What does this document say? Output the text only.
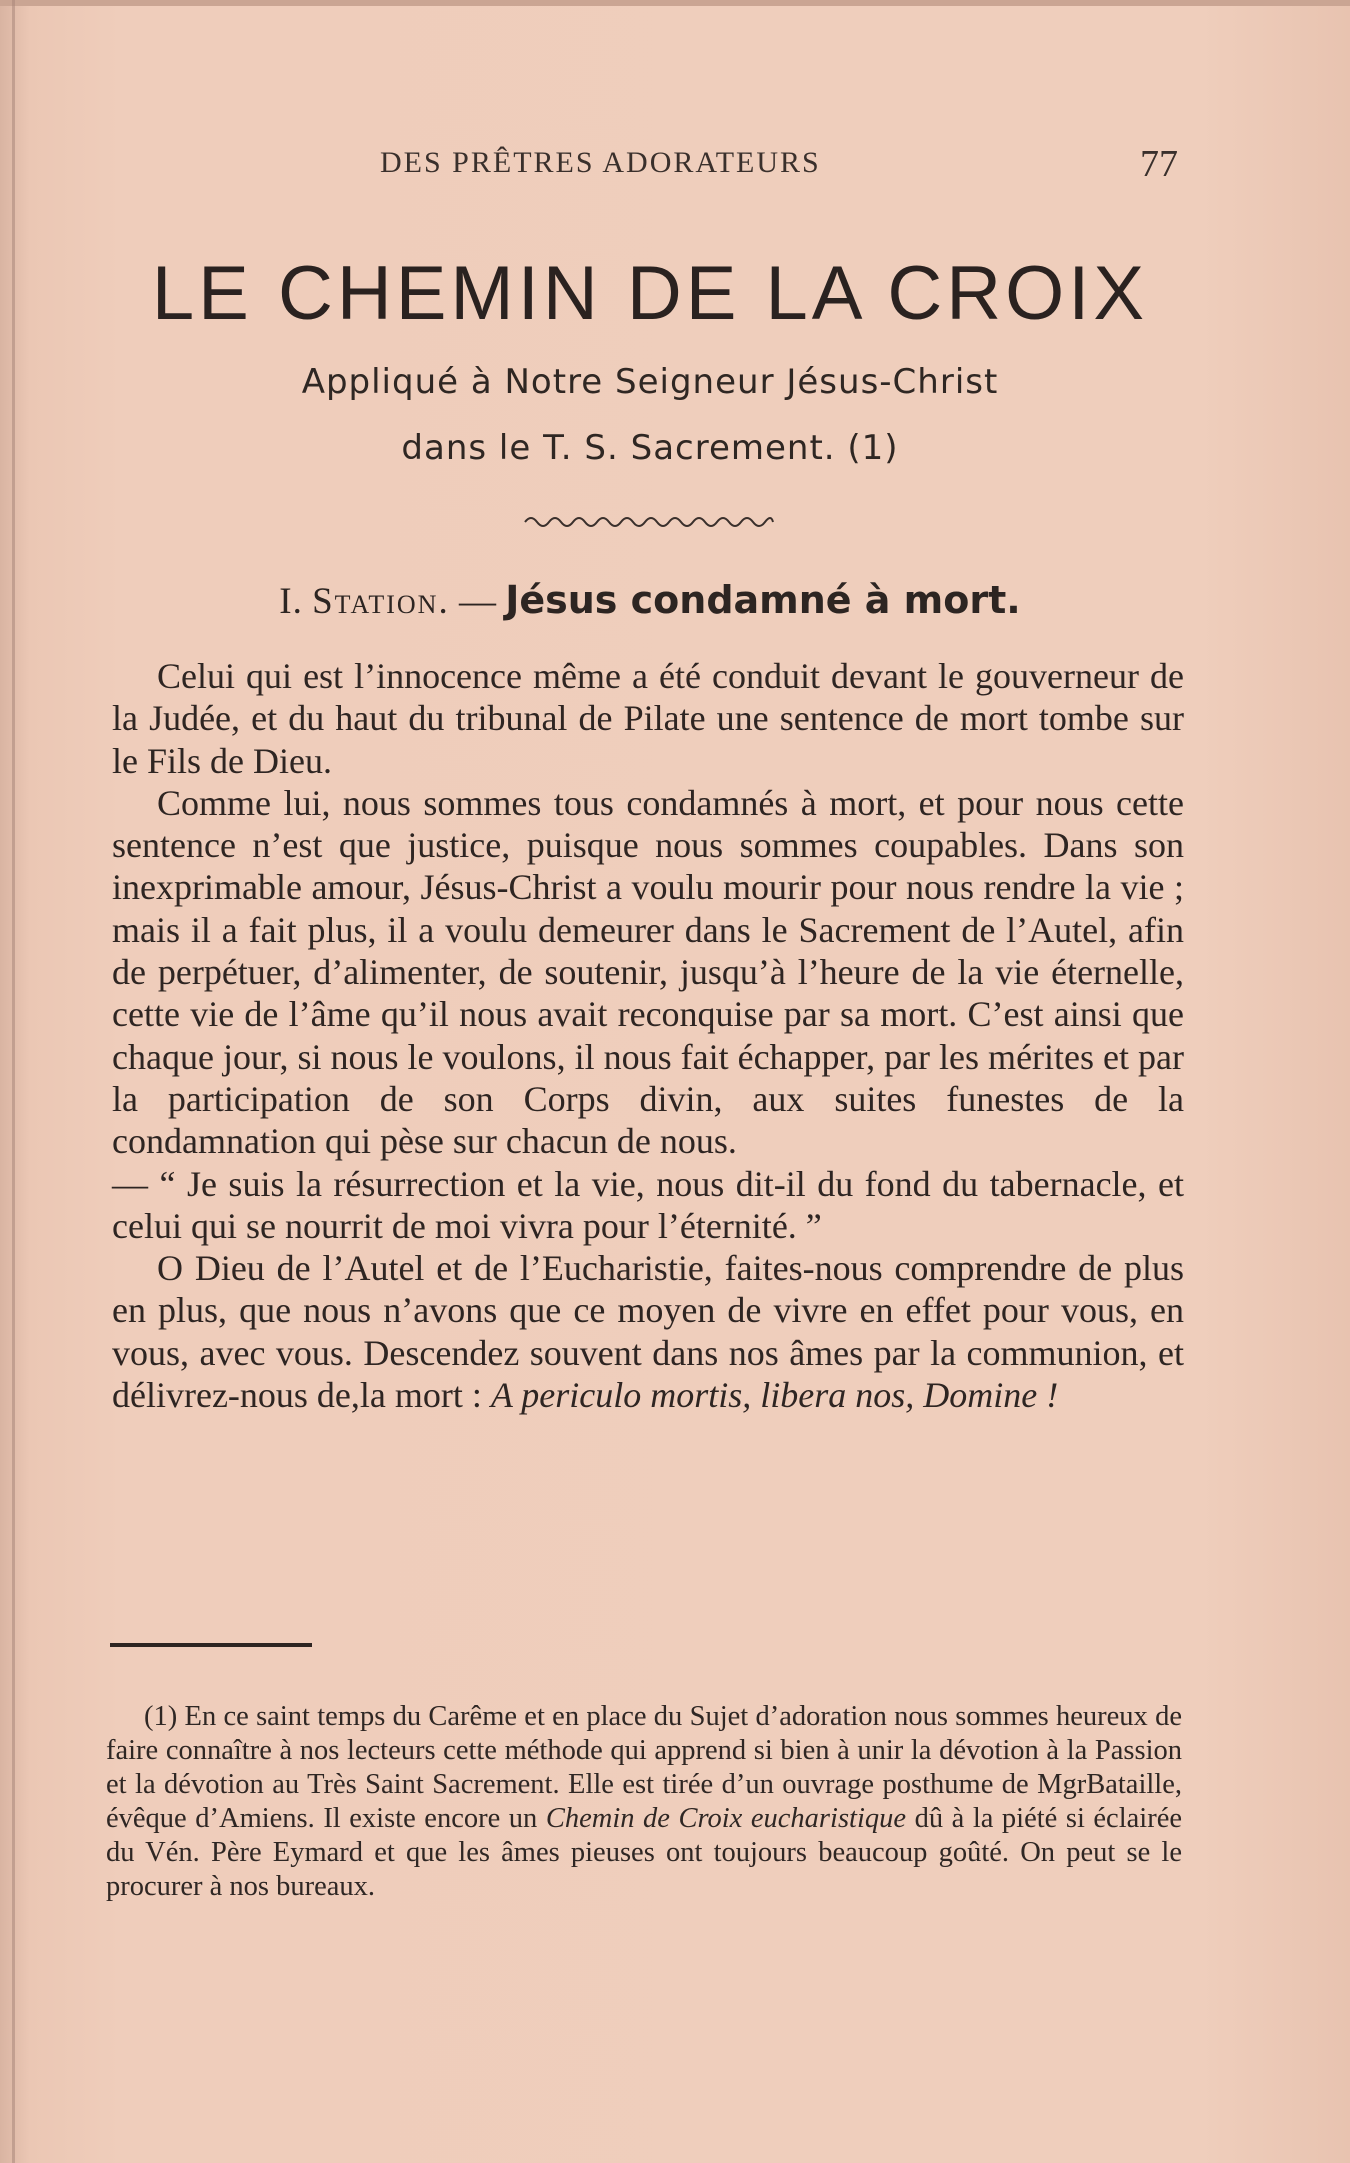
DES PRÊTRES ADORATEURS	77
LE CHEMIN DE LA CROIX
Appliqué à Notre Seigneur Jésus-Christ
dans le T. S. Sacrement. (1)
I. Station. — Jésus condamné à mort.

Celui qui est l’innocence même a été conduit devant le gouverneur de la Judée, et du haut du tribunal de Pilate une sentence de mort tombe sur le Fils de Dieu.

Comme lui, nous sommes tous condamnés à mort, et pour nous cette sentence n’est que justice, puisque nous sommes coupables. Dans son inexprimable amour, Jésus-Christ a voulu mourir pour nous rendre la vie ; mais il a fait plus, il a voulu demeurer dans le Sacrement de l’Autel, afin de perpétuer, d’alimenter, de soutenir, jusqu’à l’heure de la vie éternelle, cette vie de l’âme qu’il nous avait reconquise par sa mort. C’est ainsi que chaque jour, si nous le voulons, il nous fait échapper, par les mérites et par la participation de son Corps divin, aux suites funestes de la condamnation qui pèse sur chacun de nous.

— “ Je suis la résurrection et la vie, nous dit-il du fond du tabernacle, et celui qui se nourrit de moi vivra pour l’éternité. ”

O Dieu de l’Autel et de l’Eucharistie, faites-nous comprendre de plus en plus, que nous n’avons que ce moyen de vivre en effet pour vous, en vous, avec vous. Descendez souvent dans nos âmes par la communion, et délivrez-nous de,la mort : A periculo mortis, libera nos, Domine !

(1) En ce saint temps du Carême et en place du Sujet d’adoration nous sommes heureux de faire connaître à nos lecteurs cette méthode qui apprend si bien à unir la dévotion à la Passion et la dévotion au Très Saint Sacrement. Elle est tirée d’un ouvrage posthume de MgrBataille, évêque d’Amiens. Il existe encore un Chemin de Croix eucharistique dû à la piété si éclairée du Vén. Père Eymard et que les âmes pieuses ont toujours beaucoup goûté. On peut se le procurer à nos bureaux.
